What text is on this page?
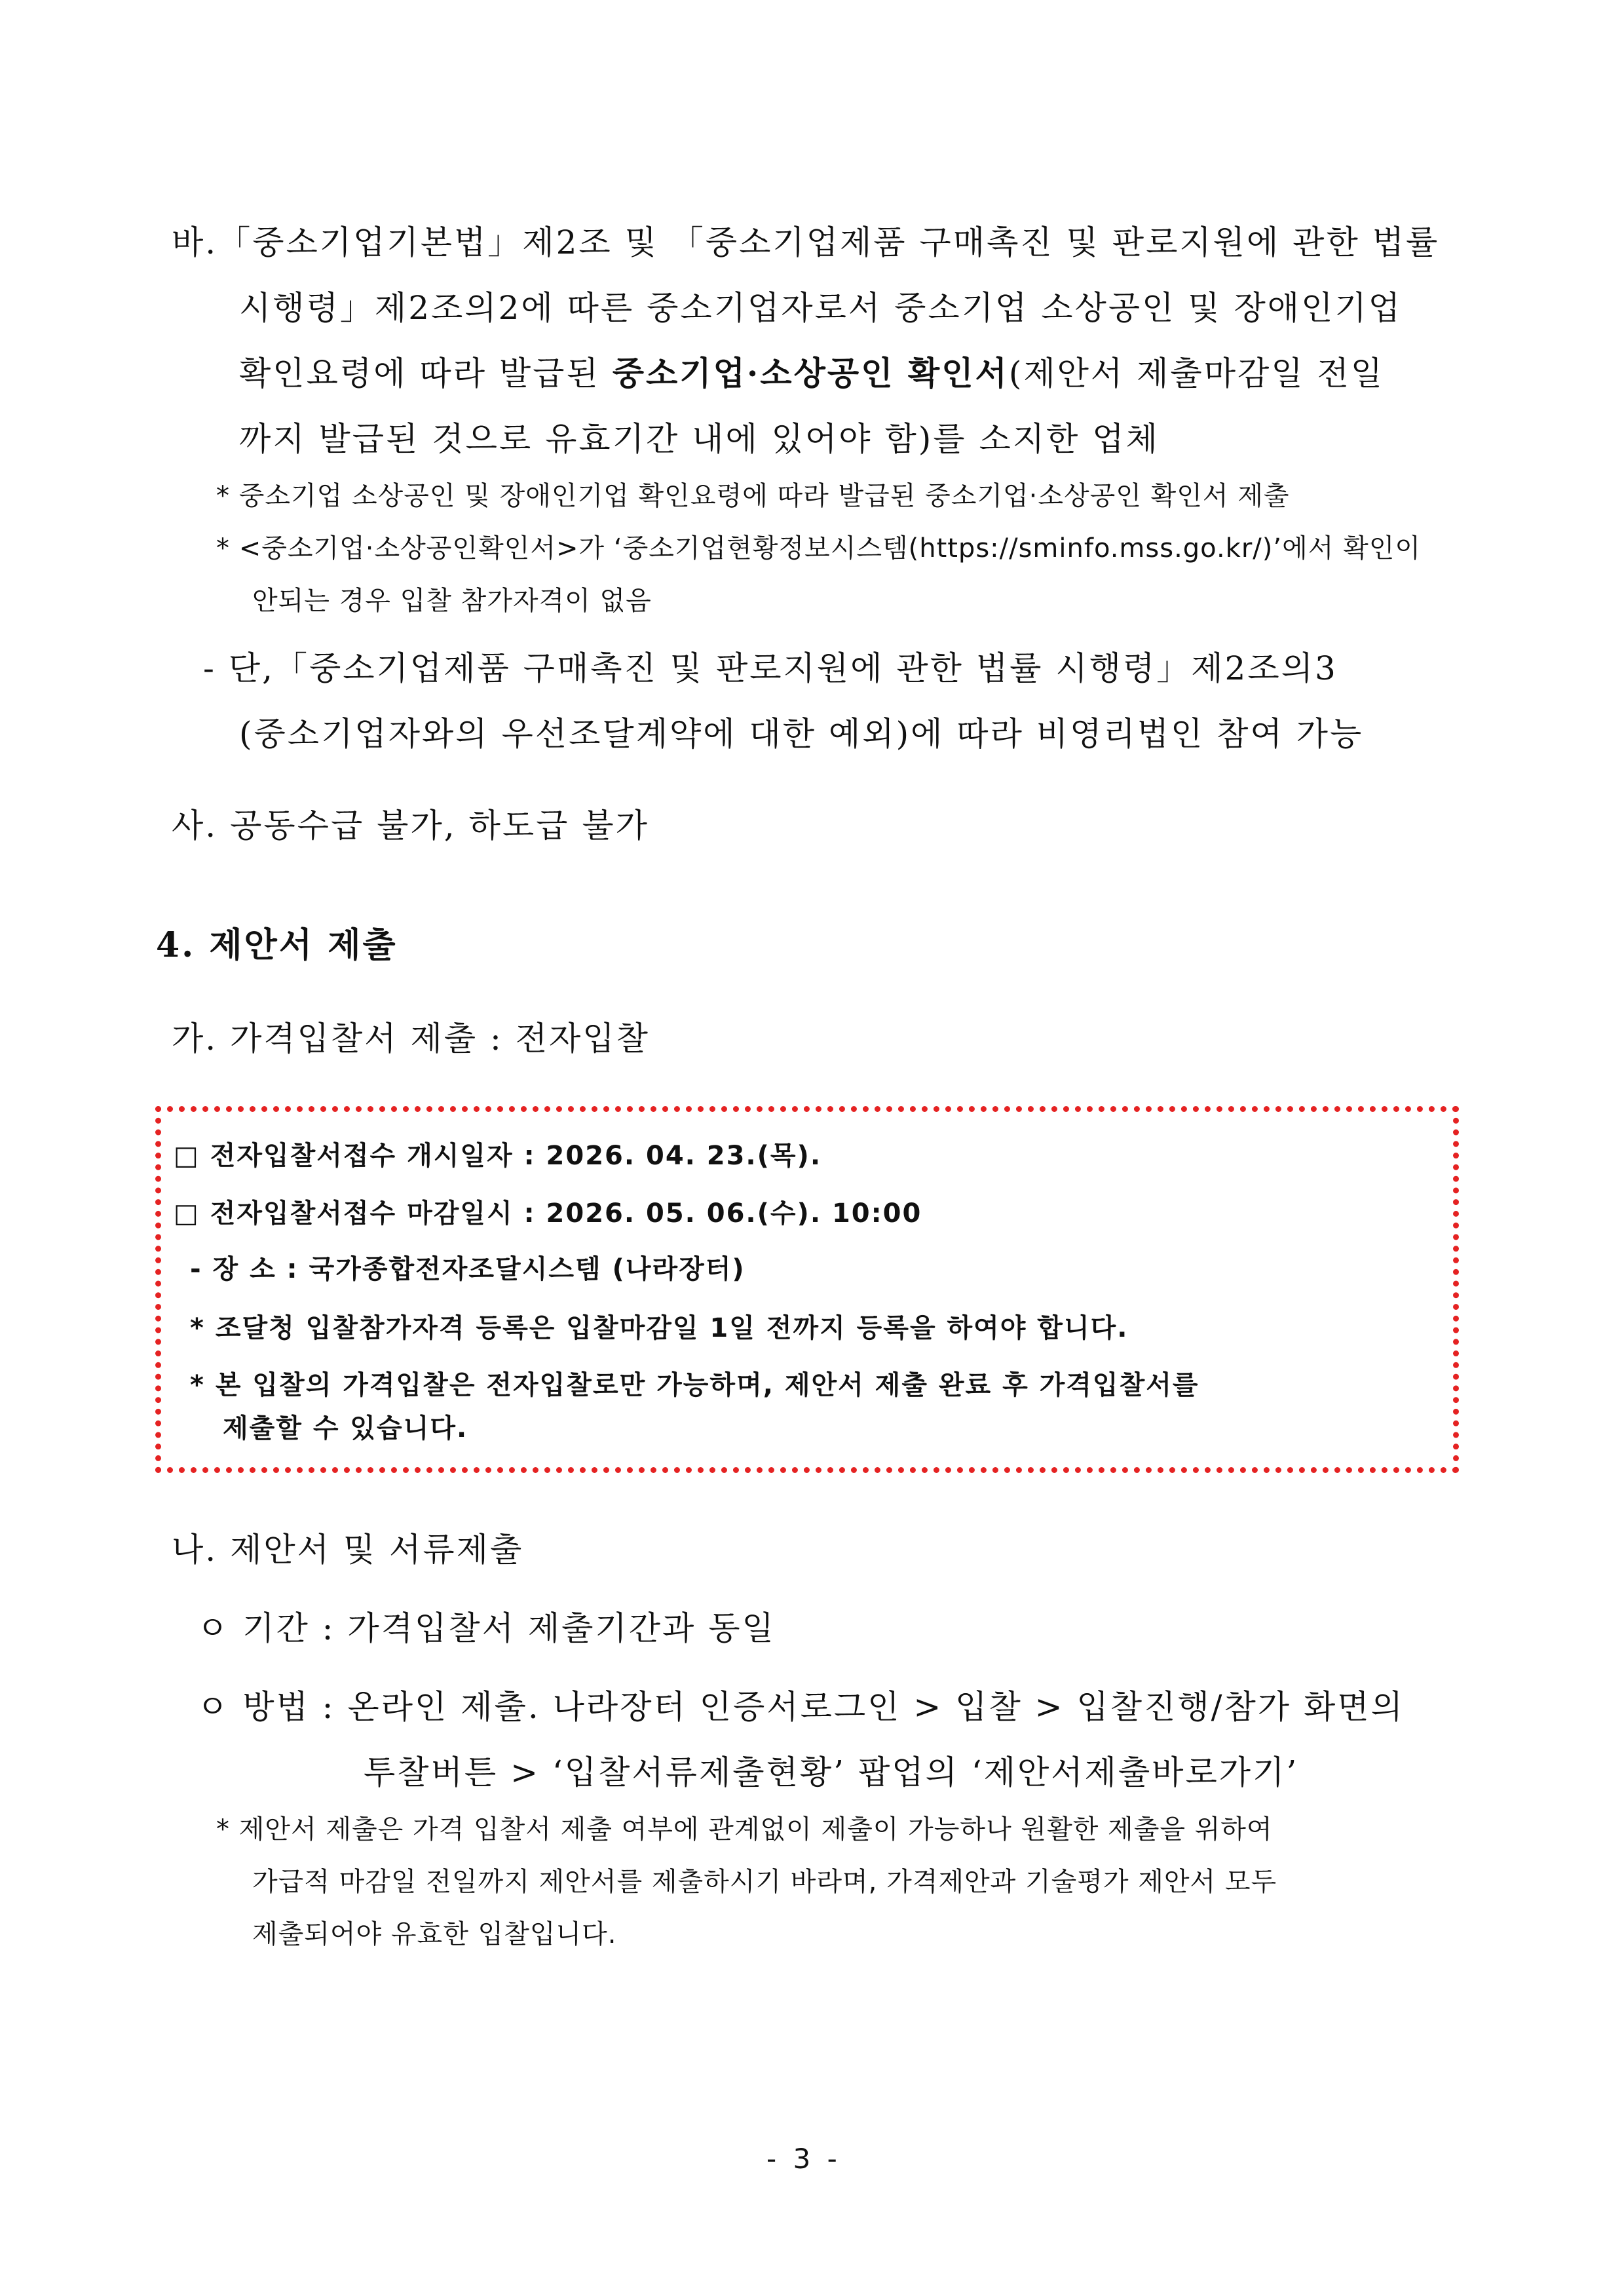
바.「중소기업기본법」제2조 및 「중소기업제품 구매촉진 및 판로지원에 관한 법률
시행령」제2조의2에 따른 중소기업자로서 중소기업 소상공인 및 장애인기업
확인요령에 따라 발급된 중소기업·소상공인 확인서(제안서 제출마감일 전일
까지 발급된 것으로 유효기간 내에 있어야 함)를 소지한 업체
* 중소기업 소상공인 및 장애인기업 확인요령에 따라 발급된 중소기업·소상공인 확인서 제출
* <중소기업·소상공인확인서>가 ‘중소기업현황정보시스템(https://sminfo.mss.go.kr/)’에서 확인이
안되는 경우 입찰 참가자격이 없음
- 단,「중소기업제품 구매촉진 및 판로지원에 관한 법률 시행령」제2조의3
(중소기업자와의 우선조달계약에 대한 예외)에 따라 비영리법인 참여 가능
사. 공동수급 불가, 하도급 불가
4. 제안서 제출
가. 가격입찰서 제출 : 전자입찰
□ 전자입찰서접수 개시일자 : 2026. 04. 23.(목).
□ 전자입찰서접수 마감일시 : 2026. 05. 06.(수). 10:00
- 장 소 : 국가종합전자조달시스템 (나라장터)
* 조달청 입찰참가자격 등록은 입찰마감일 1일 전까지 등록을 하여야 합니다.
* 본 입찰의 가격입찰은 전자입찰로만 가능하며, 제안서 제출 완료 후 가격입찰서를
제출할 수 있습니다.
나. 제안서 및 서류제출
ㅇ 기간 : 가격입찰서 제출기간과 동일
ㅇ 방법 : 온라인 제출. 나라장터 인증서로그인 > 입찰 > 입찰진행/참가 화면의
투찰버튼 > ‘입찰서류제출현황’ 팝업의 ‘제안서제출바로가기’
* 제안서 제출은 가격 입찰서 제출 여부에 관계없이 제출이 가능하나 원활한 제출을 위하여
가급적 마감일 전일까지 제안서를 제출하시기 바라며, 가격제안과 기술평가 제안서 모두
제출되어야 유효한 입찰입니다.
- 3 -
